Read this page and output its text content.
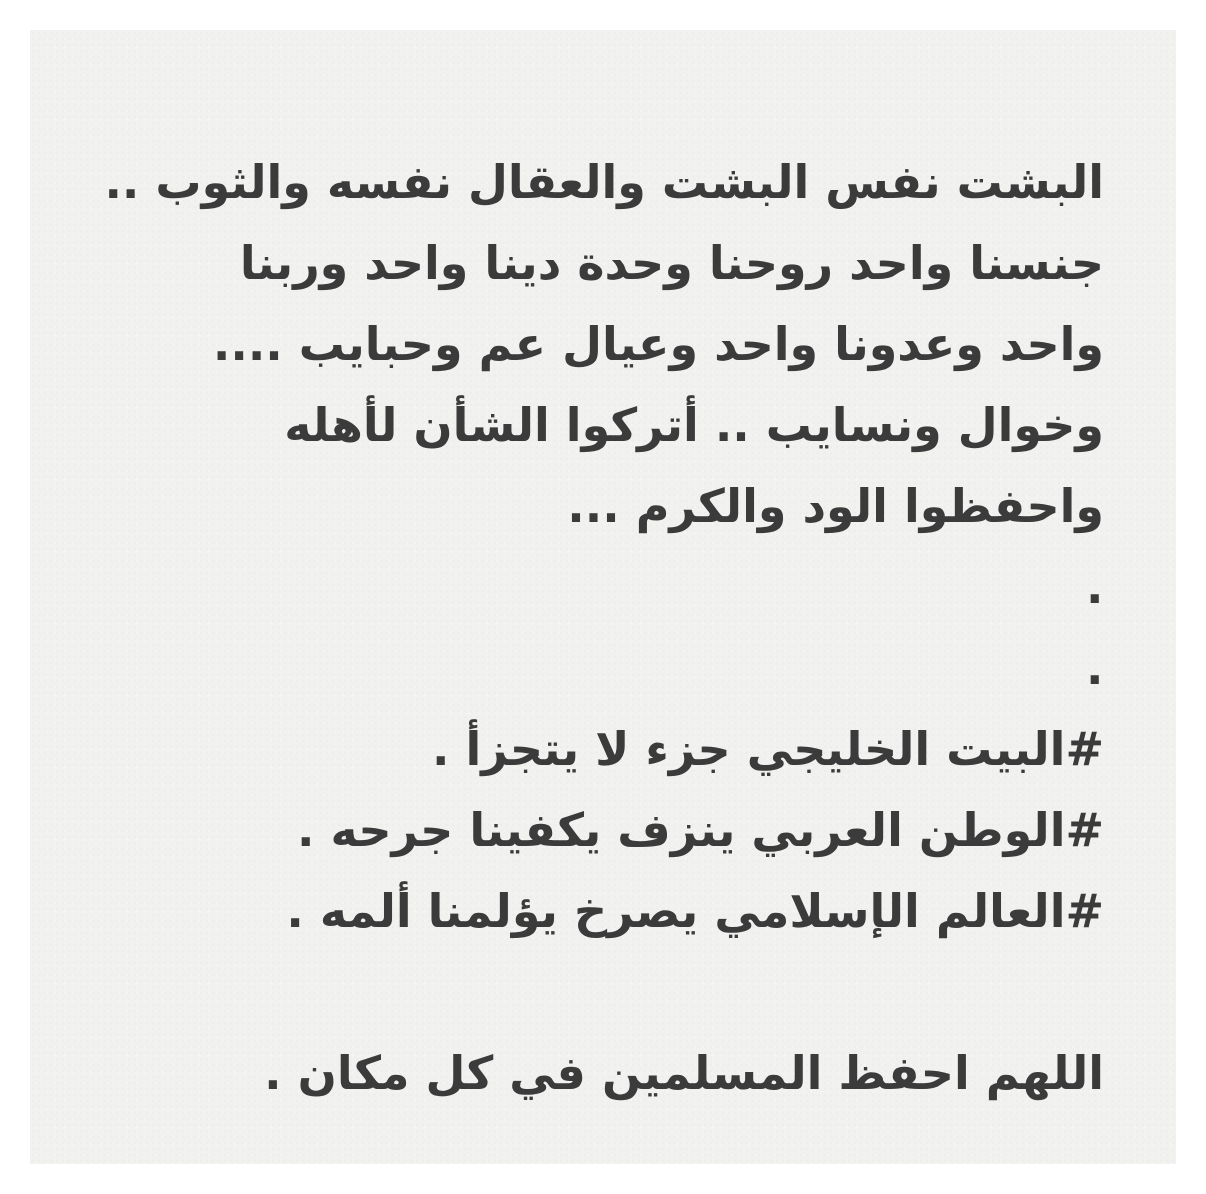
البشت نفس البشت والعقال نفسه والثوب ..
جنسنا واحد روحنا وحدة دينا واحد وربنا
واحد وعدونا واحد وعيال عم وحبايب ....
وخوال ونسايب .. أتركوا الشأن لأهله
واحفظوا الود والكرم ...
.
.
#البيت الخليجي جزء لا يتجزأ .
#الوطن العربي ينزف يكفينا جرحه .
#العالم الإسلامي يصرخ يؤلمنا ألمه .
اللهم احفظ المسلمين في كل مكان .
